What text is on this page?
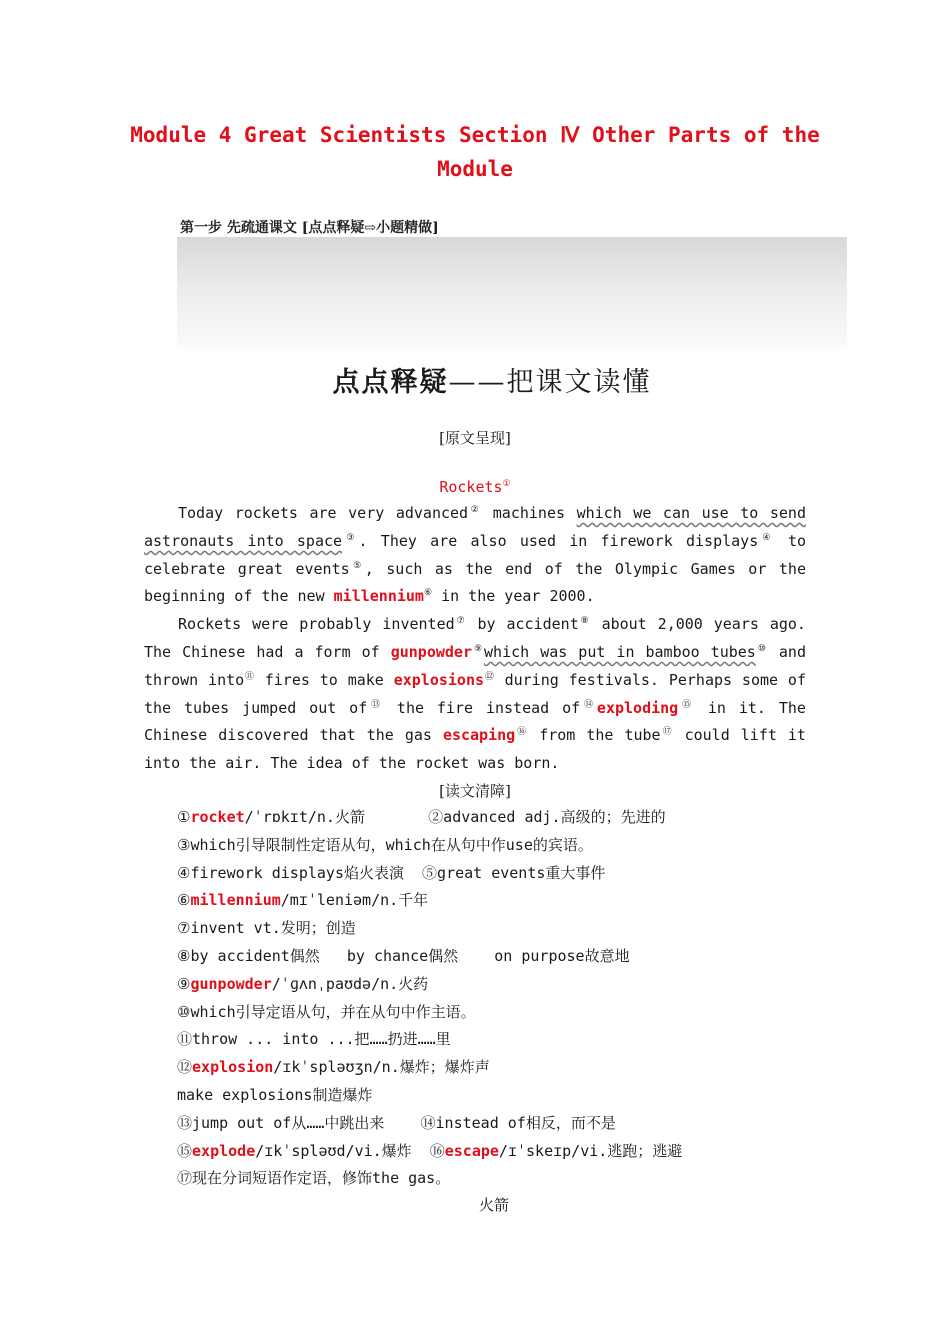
Module 4 Great Scientists Section Ⅳ Other Parts of the Module
第一步 先疏通课文 [点点释疑⇨小题精做]
点点释疑——把课文读懂
[原文呈现]
Rockets①

Today rockets are very advanced② machines which we can use to send astronauts into space③. They are also used in firework displays④ to celebrate great events⑤, such as the end of the Olympic Games or the beginning of the new millennium⑥ in the year 2000.

Rockets were probably invented⑦ by accident⑧ about 2,000 years ago. The Chinese had a form of gunpowder⑨which was put in bamboo tubes⑩ and thrown into⑪ fires to make explosions⑫ during festivals. Perhaps some of the tubes jumped out of⑬ the fire instead of⑭exploding⑮ in it. The Chinese discovered that the gas escaping⑯ from the tube⑰ could lift it into the air. The idea of the rocket was born.

[读文清障]
①rocket/ˈrɒkɪt/n.火箭       ②advanced adj.高级的；先进的
③which引导限制性定语从句，which在从句中作use的宾语。
④firework displays焰火表演  ⑤great events重大事件
⑥millennium/mɪˈleniəm/n.千年
⑦invent vt.发明；创造
⑧by accident偶然   by chance偶然    on purpose故意地
⑨gunpowder/ˈɡʌnˌpaʊdə/n.火药
⑩which引导定语从句，并在从句中作主语。
⑪throw ... into ...把……扔进……里
⑫explosion/ɪkˈspləʊʒn/n.爆炸；爆炸声
make explosions制造爆炸
⑬jump out of从……中跳出来    ⑭instead of相反，而不是
⑮explode/ɪkˈspləʊd/vi.爆炸  ⑯escape/ɪˈskeɪp/vi.逃跑；逃避
⑰现在分词短语作定语，修饰the gas。
火箭
